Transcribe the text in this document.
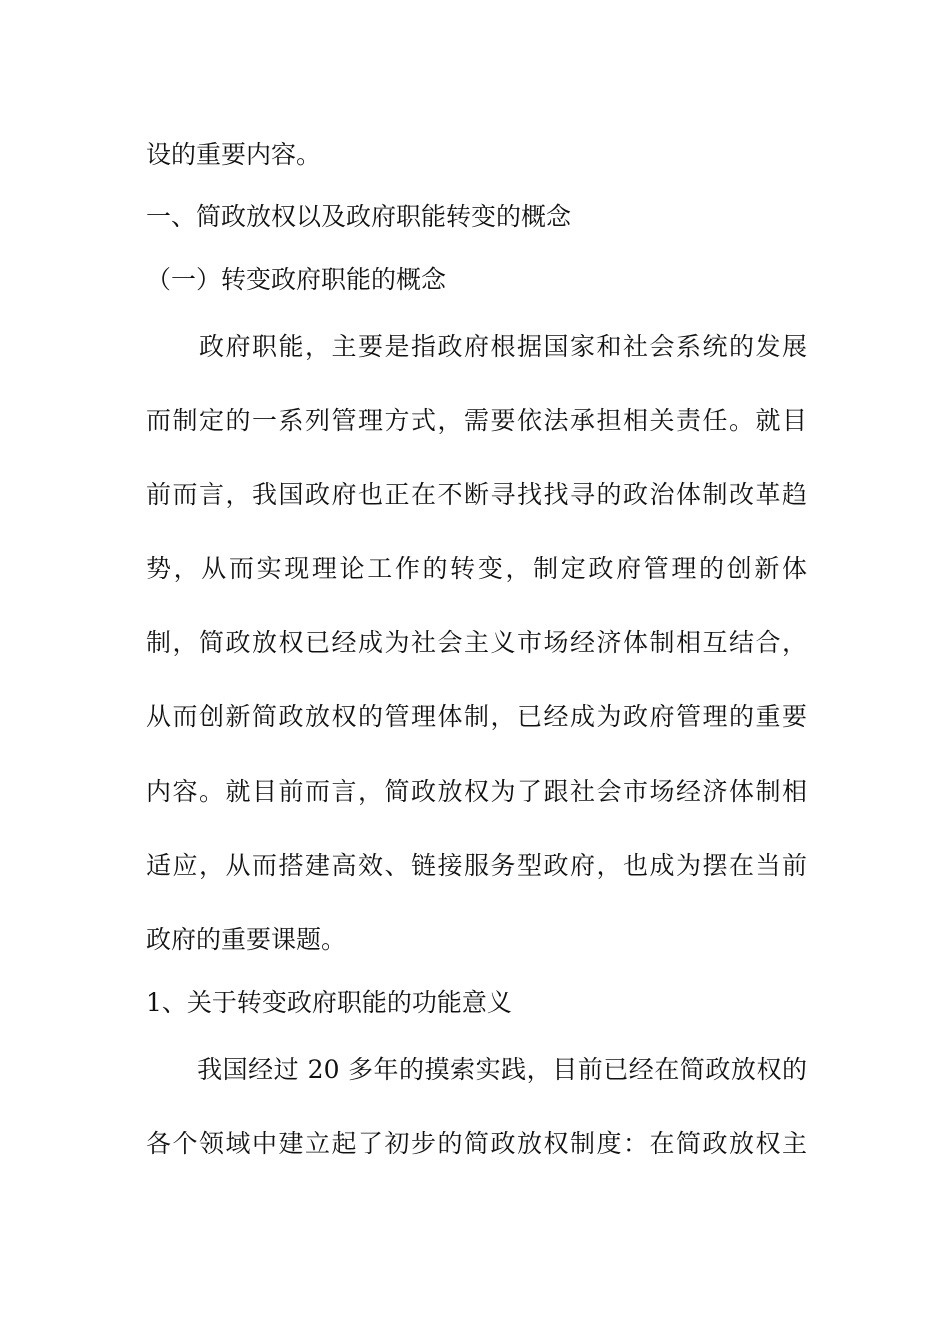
设的重要内容。
一、简政放权以及政府职能转变的概念
（一）转变政府职能的概念
　　政府职能，主要是指政府根据国家和社会系统的发展
而制定的一系列管理方式，需要依法承担相关责任。就目
前而言，我国政府也正在不断寻找找寻的政治体制改革趋
势，从而实现理论工作的转变，制定政府管理的创新体
制，简政放权已经成为社会主义市场经济体制相互结合，
从而创新简政放权的管理体制，已经成为政府管理的重要
内容。就目前而言，简政放权为了跟社会市场经济体制相
适应，从而搭建高效、链接服务型政府，也成为摆在当前
政府的重要课题。
1、关于转变政府职能的功能意义
　　我国经过 20 多年的摸索实践，目前已经在简政放权的
各个领域中建立起了初步的简政放权制度：在简政放权主
